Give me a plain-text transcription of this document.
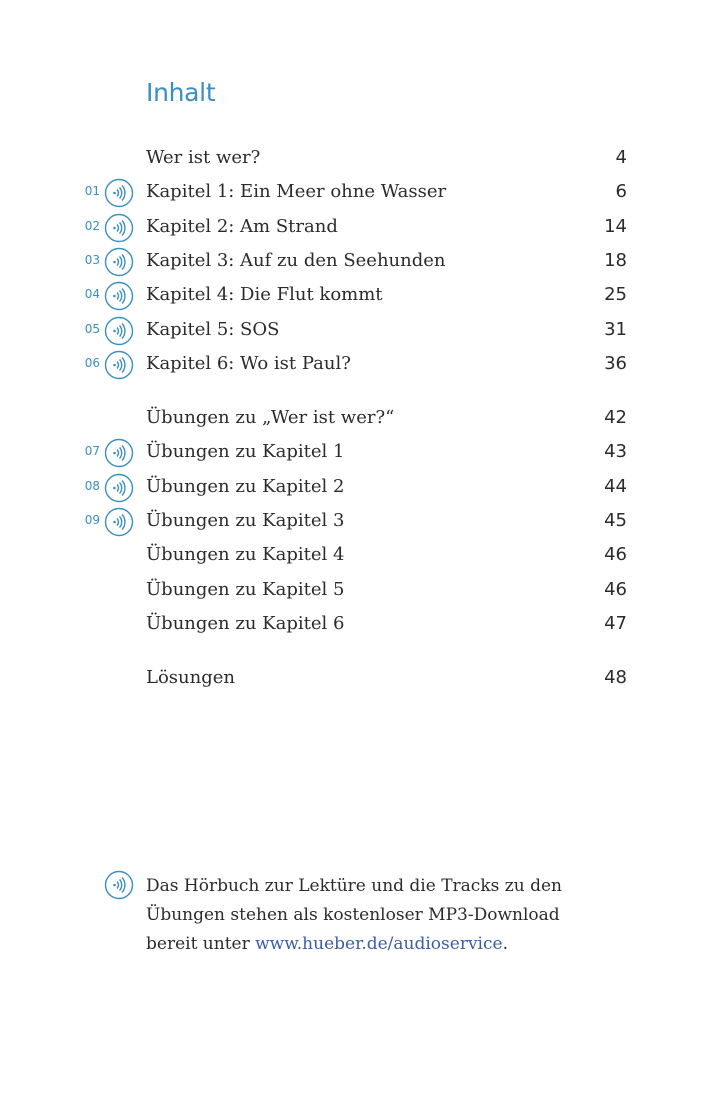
Inhalt
Wer ist wer?	4
01	Kapitel 1: Ein Meer ohne Wasser	6
02	Kapitel 2: Am Strand	14
03	Kapitel 3: Auf zu den Seehunden	18
04	Kapitel 4: Die Flut kommt	25
05	Kapitel 5: SOS	31
06	Kapitel 6: Wo ist Paul?	36
Übungen zu „Wer ist wer?“	42
07	Übungen zu Kapitel 1	43
08	Übungen zu Kapitel 2	44
09	Übungen zu Kapitel 3	45
Übungen zu Kapitel 4	46
Übungen zu Kapitel 5	46
Übungen zu Kapitel 6	47
Lösungen	48
Das Hörbuch zur Lektüre und die Tracks zu den Übungen stehen als kostenloser MP3-Download bereit unter www.hueber.de/audioservice.
